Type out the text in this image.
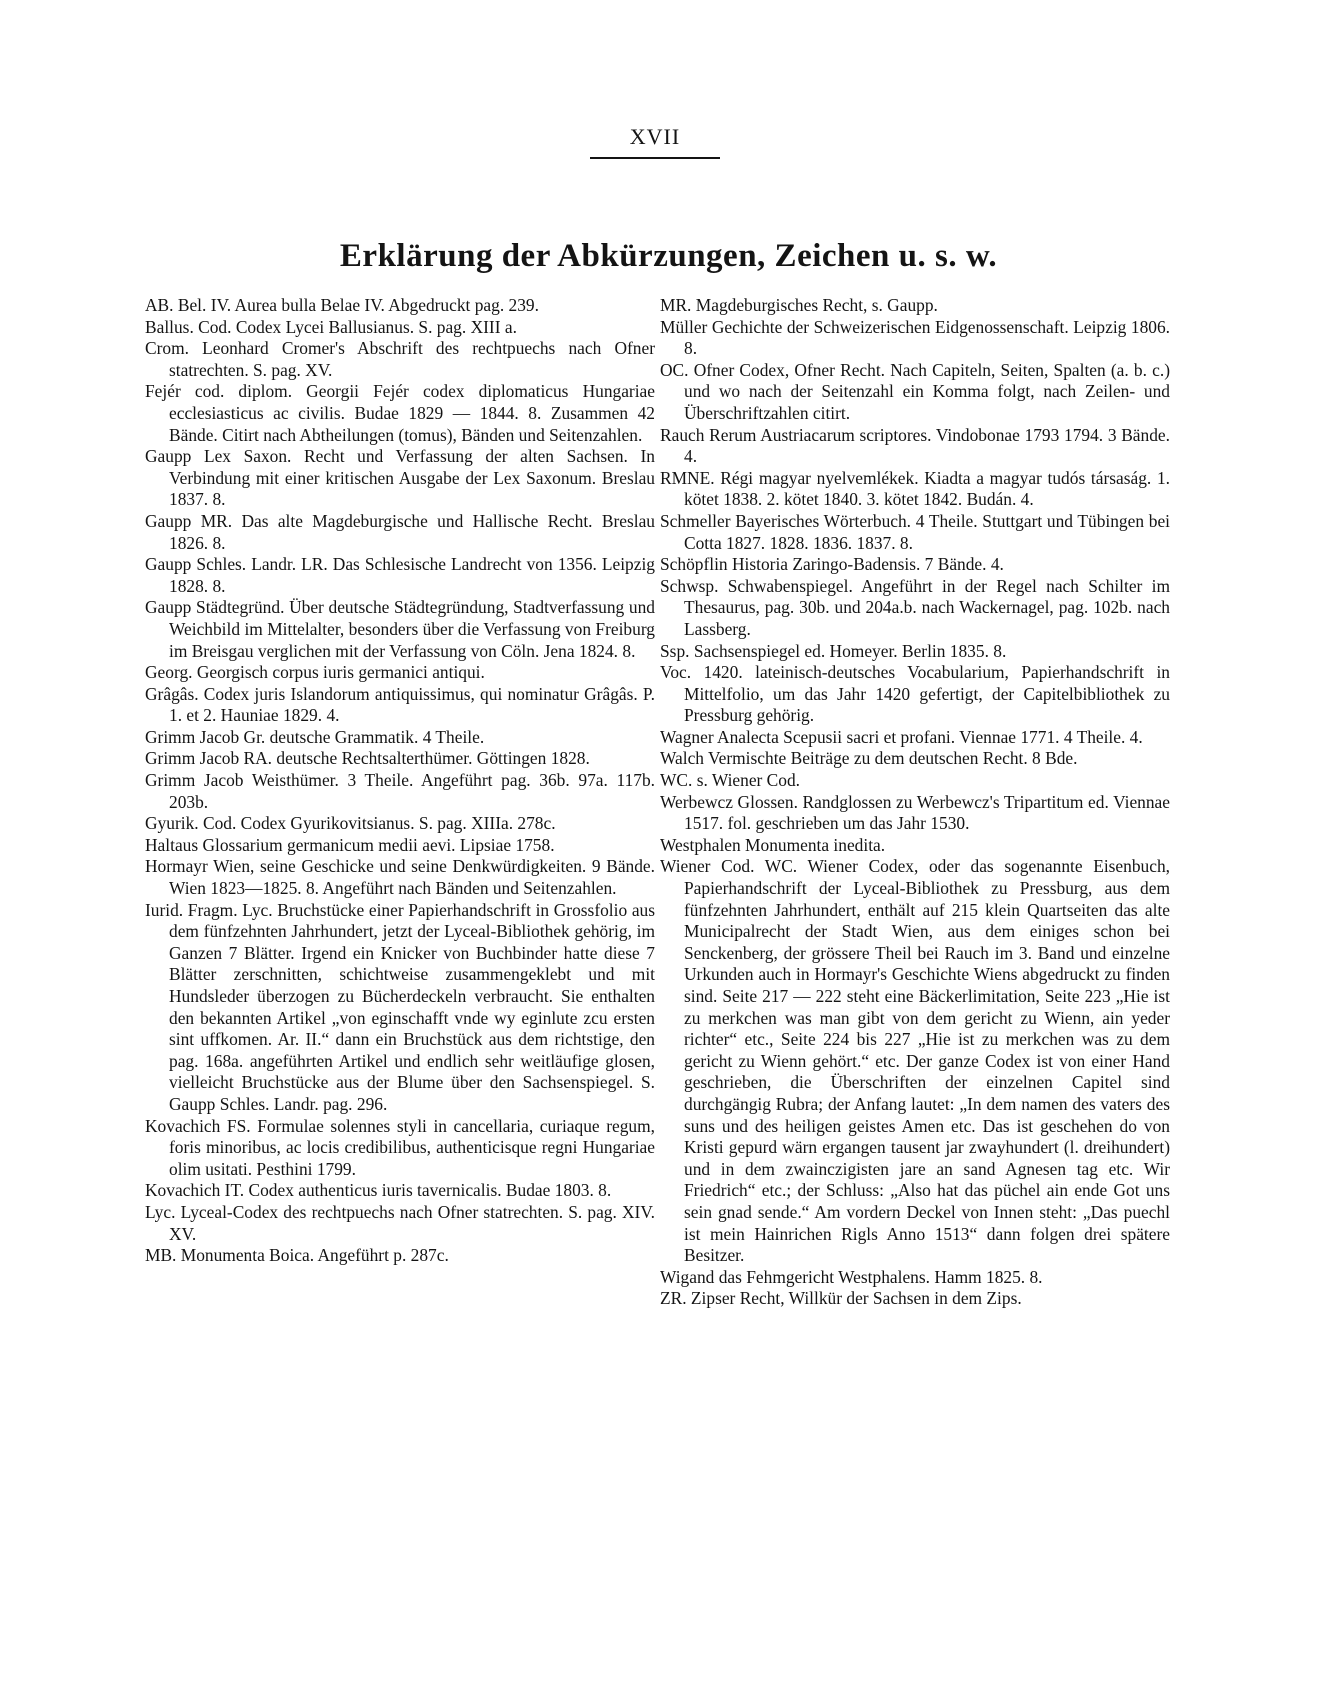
XVII
Erklärung der Abkürzungen, Zeichen u. s. w.

AB. Bel. IV. Aurea bulla Belae IV. Abgedruckt pag. 239.

Ballus. Cod. Codex Lycei Ballusianus. S. pag. XIII a.

Crom. Leonhard Cromer's Abschrift des rechtpuechs nach Ofner statrechten. S. pag. XV.

Fejér cod. diplom. Georgii Fejér codex diplomaticus Hungariae ecclesiasticus ac civilis. Budae 1829 — 1844. 8. Zusammen 42 Bände. Citirt nach Abtheilungen (tomus), Bänden und Seitenzahlen.

Gaupp Lex Saxon. Recht und Verfassung der alten Sachsen. In Verbindung mit einer kritischen Ausgabe der Lex Saxonum. Breslau 1837. 8.

Gaupp MR. Das alte Magdeburgische und Hallische Recht. Breslau 1826. 8.

Gaupp Schles. Landr. LR. Das Schlesische Landrecht von 1356. Leipzig 1828. 8.

Gaupp Städtegründ. Über deutsche Städtegründung, Stadtverfassung und Weichbild im Mittelalter, besonders über die Verfassung von Freiburg im Breisgau verglichen mit der Verfassung von Cöln. Jena 1824. 8.

Georg. Georgisch corpus iuris germanici antiqui.

Grâgâs. Codex juris Islandorum antiquissimus, qui nominatur Grâgâs. P. 1. et 2. Hauniae 1829. 4.

Grimm Jacob Gr. deutsche Grammatik. 4 Theile.

Grimm Jacob RA. deutsche Rechtsalterthümer. Göttingen 1828.

Grimm Jacob Weisthümer. 3 Theile. Angeführt pag. 36b. 97a. 117b. 203b.

Gyurik. Cod. Codex Gyurikovitsianus. S. pag. XIIIa. 278c.

Haltaus Glossarium germanicum medii aevi. Lipsiae 1758.

Hormayr Wien, seine Geschicke und seine Denkwürdigkeiten. 9 Bände. Wien 1823—1825. 8. Angeführt nach Bänden und Seitenzahlen.

Iurid. Fragm. Lyc. Bruchstücke einer Papierhandschrift in Grossfolio aus dem fünfzehnten Jahrhundert, jetzt der Lyceal-Bibliothek gehörig, im Ganzen 7 Blätter. Irgend ein Knicker von Buchbinder hatte diese 7 Blätter zerschnitten, schichtweise zusammengeklebt und mit Hundsleder überzogen zu Bücherdeckeln verbraucht. Sie enthalten den bekannten Artikel „von eginschafft vnde wy eginlute zcu ersten sint uffkomen. Ar. II.“ dann ein Bruchstück aus dem richtstige, den pag. 168a. angeführten Artikel und endlich sehr weitläufige glosen, vielleicht Bruchstücke aus der Blume über den Sachsenspiegel. S. Gaupp Schles. Landr. pag. 296.

Kovachich FS. Formulae solennes styli in cancellaria, curiaque regum, foris minoribus, ac locis credibilibus, authenticisque regni Hungariae olim usitati. Pesthini 1799.

Kovachich IT. Codex authenticus iuris tavernicalis. Budae 1803. 8.

Lyc. Lyceal-Codex des rechtpuechs nach Ofner statrechten. S. pag. XIV. XV.

MB. Monumenta Boica. Angeführt p. 287c.

MR. Magdeburgisches Recht, s. Gaupp.

Müller Gechichte der Schweizerischen Eidgenossenschaft. Leipzig 1806. 8.

OC. Ofner Codex, Ofner Recht. Nach Capiteln, Seiten, Spalten (a. b. c.) und wo nach der Seitenzahl ein Komma folgt, nach Zeilen- und Überschriftzahlen citirt.

Rauch Rerum Austriacarum scriptores. Vindobonae 1793 1794. 3 Bände. 4.

RMNE. Régi magyar nyelvemlékek. Kiadta a magyar tudós társaság. 1. kötet 1838. 2. kötet 1840. 3. kötet 1842. Budán. 4.

Schmeller Bayerisches Wörterbuch. 4 Theile. Stuttgart und Tübingen bei Cotta 1827. 1828. 1836. 1837. 8.

Schöpflin Historia Zaringo-Badensis. 7 Bände. 4.

Schwsp. Schwabenspiegel. Angeführt in der Regel nach Schilter im Thesaurus, pag. 30b. und 204a.b. nach Wackernagel, pag. 102b. nach Lassberg.

Ssp. Sachsenspiegel ed. Homeyer. Berlin 1835. 8.

Voc. 1420. lateinisch-deutsches Vocabularium, Papierhandschrift in Mittelfolio, um das Jahr 1420 gefertigt, der Capitelbibliothek zu Pressburg gehörig.

Wagner Analecta Scepusii sacri et profani. Viennae 1771. 4 Theile. 4.

Walch Vermischte Beiträge zu dem deutschen Recht. 8 Bde.

WC. s. Wiener Cod.

Werbewcz Glossen. Randglossen zu Werbewcz's Tripartitum ed. Viennae 1517. fol. geschrieben um das Jahr 1530.

Westphalen Monumenta inedita.

Wiener Cod. WC. Wiener Codex, oder das sogenannte Eisenbuch, Papierhandschrift der Lyceal-Bibliothek zu Pressburg, aus dem fünfzehnten Jahrhundert, enthält auf 215 klein Quartseiten das alte Municipalrecht der Stadt Wien, aus dem einiges schon bei Senckenberg, der grössere Theil bei Rauch im 3. Band und einzelne Urkunden auch in Hormayr's Geschichte Wiens abgedruckt zu finden sind. Seite 217 — 222 steht eine Bäckerlimitation, Seite 223 „Hie ist zu merkchen was man gibt von dem gericht zu Wienn, ain yeder richter“ etc., Seite 224 bis 227 „Hie ist zu merkchen was zu dem gericht zu Wienn gehört.“ etc. Der ganze Codex ist von einer Hand geschrieben, die Überschriften der einzelnen Capitel sind durchgängig Rubra; der Anfang lautet: „In dem namen des vaters des suns und des heiligen geistes Amen etc. Das ist geschehen do von Kristi gepurd wärn ergangen tausent jar zwayhundert (l. dreihundert) und in dem zwainczigisten jare an sand Agnesen tag etc. Wir Friedrich“ etc.; der Schluss: „Also hat das püchel ain ende Got uns sein gnad sende.“ Am vordern Deckel von Innen steht: „Das puechl ist mein Hainrichen Rigls Anno 1513“ dann folgen drei spätere Besitzer.

Wigand das Fehmgericht Westphalens. Hamm 1825. 8.

ZR. Zipser Recht, Willkür der Sachsen in dem Zips.
